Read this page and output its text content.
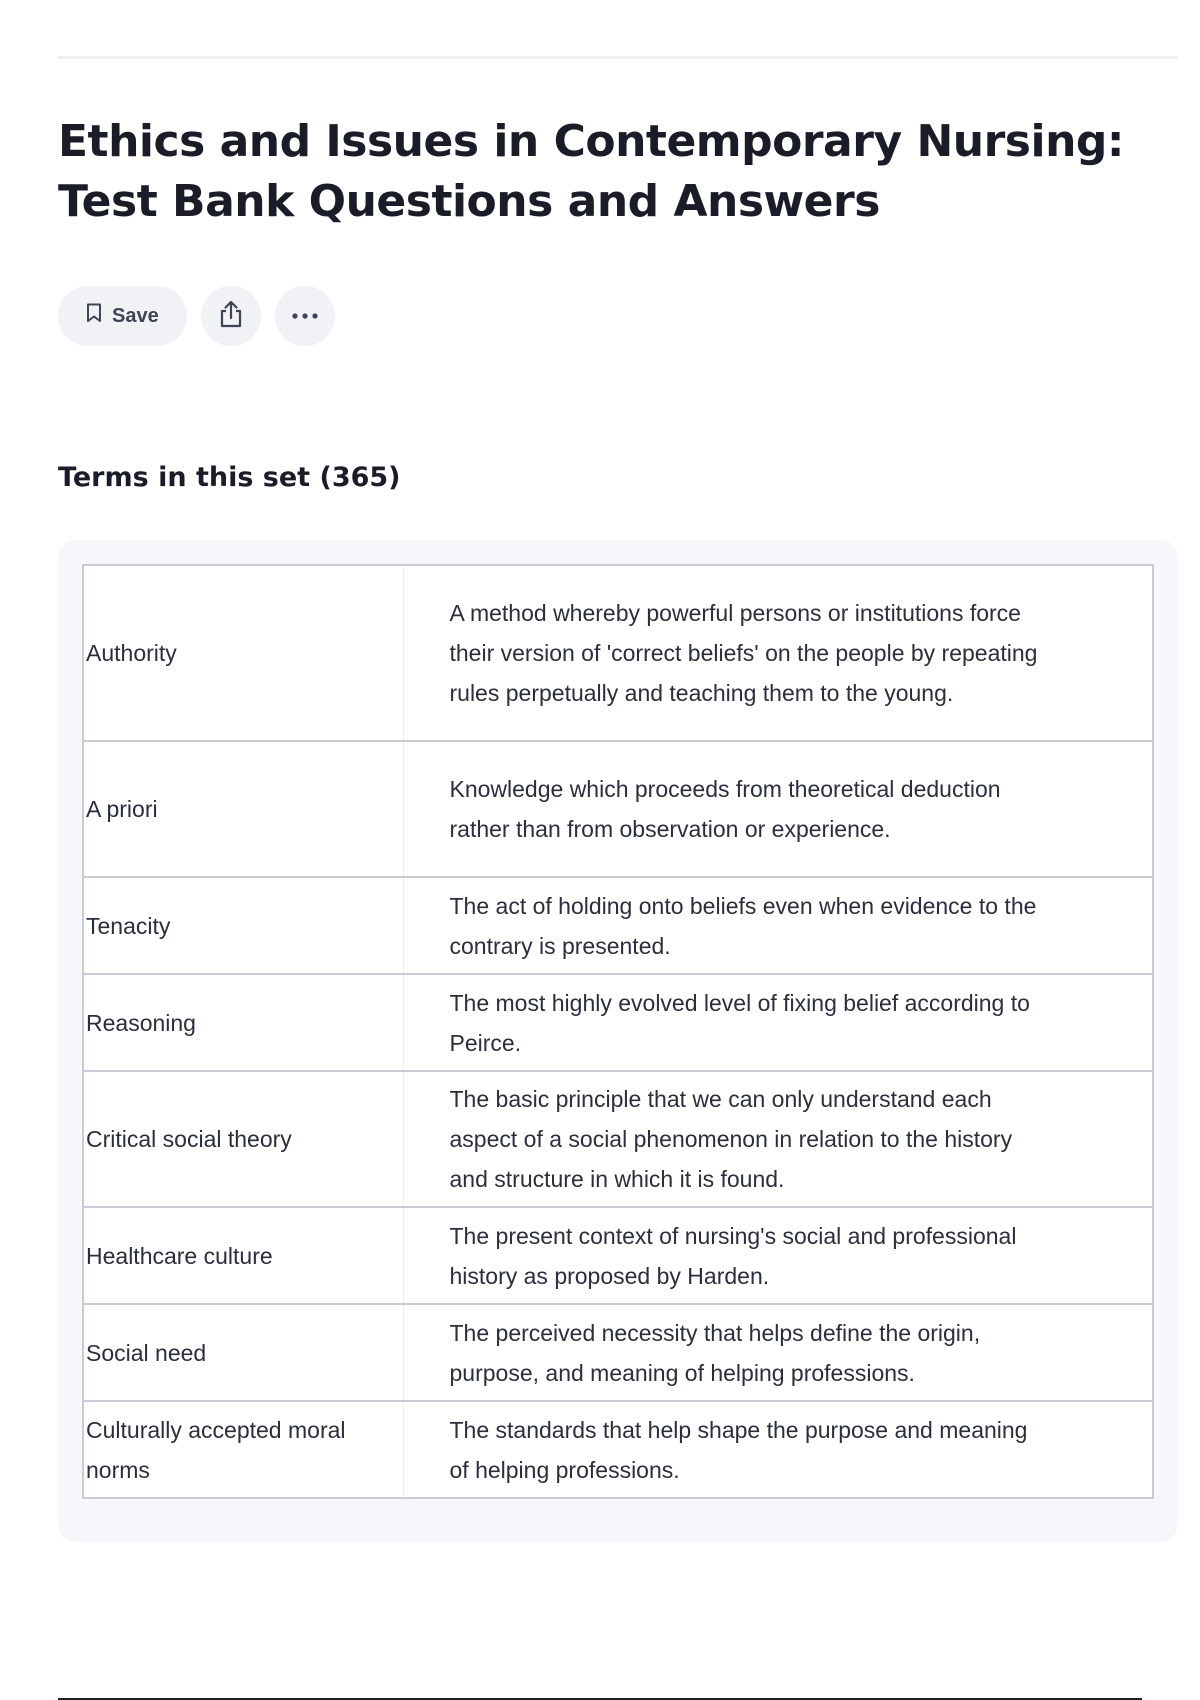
Ethics and Issues in Contemporary Nursing: Test Bank Questions and Answers
Save
Terms in this set (365)
Authority	A method whereby powerful persons or institutions force their version of 'correct beliefs' on the people by repeating rules perpetually and teaching them to the young.
A priori	Knowledge which proceeds from theoretical deduction rather than from observation or experience.
Tenacity	The act of holding onto beliefs even when evidence to the contrary is presented.
Reasoning	The most highly evolved level of fixing belief according to Peirce.
Critical social theory	The basic principle that we can only understand each aspect of a social phenomenon in relation to the history and structure in which it is found.
Healthcare culture	The present context of nursing's social and professional history as proposed by Harden.
Social need	The perceived necessity that helps define the origin, purpose, and meaning of helping professions.
Culturally accepted moral norms	The standards that help shape the purpose and meaning of helping professions.
